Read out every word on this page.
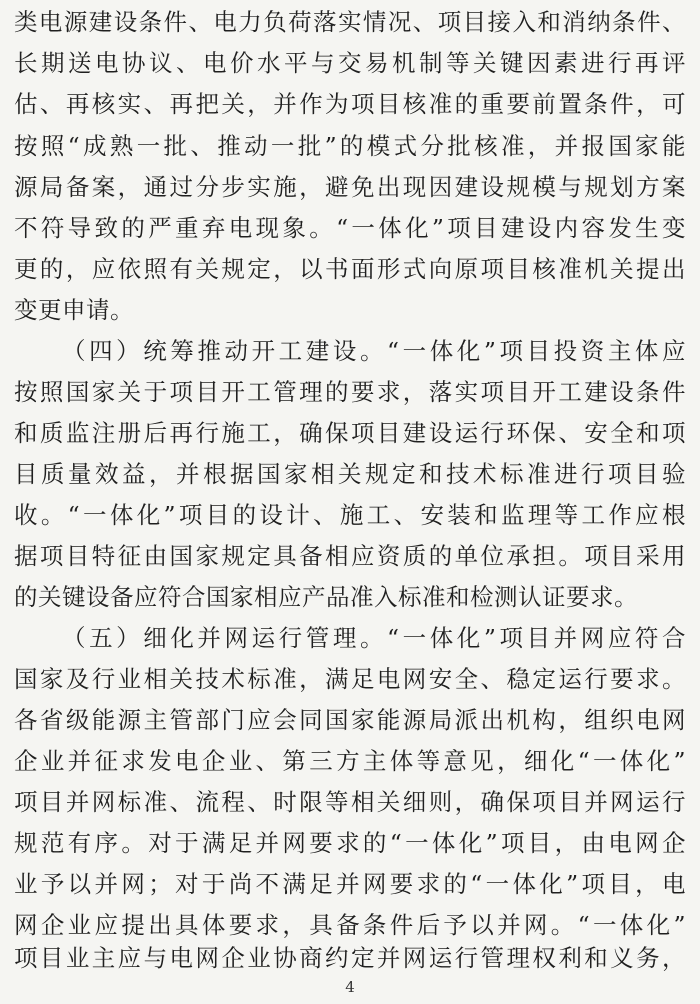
类电源建设条件、电力负荷落实情况、项目接入和消纳条件、
长期送电协议、电价水平与交易机制等关键因素进行再评
估、再核实、再把关，并作为项目核准的重要前置条件，可
按照“成熟一批、推动一批”的模式分批核准，并报国家能
源局备案，通过分步实施，避免出现因建设规模与规划方案
不符导致的严重弃电现象。“一体化”项目建设内容发生变
更的，应依照有关规定，以书面形式向原项目核准机关提出
变更申请。
（四）统筹推动开工建设。“一体化”项目投资主体应
按照国家关于项目开工管理的要求，落实项目开工建设条件
和质监注册后再行施工，确保项目建设运行环保、安全和项
目质量效益，并根据国家相关规定和技术标准进行项目验
收。“一体化”项目的设计、施工、安装和监理等工作应根
据项目特征由国家规定具备相应资质的单位承担。项目采用
的关键设备应符合国家相应产品准入标准和检测认证要求。
（五）细化并网运行管理。“一体化”项目并网应符合
国家及行业相关技术标准，满足电网安全、稳定运行要求。
各省级能源主管部门应会同国家能源局派出机构，组织电网
企业并征求发电企业、第三方主体等意见，细化“一体化”
项目并网标准、流程、时限等相关细则，确保项目并网运行
规范有序。对于满足并网要求的“一体化”项目，由电网企
业予以并网；对于尚不满足并网要求的“一体化”项目，电
网企业应提出具体要求，具备条件后予以并网。“一体化”
项目业主应与电网企业协商约定并网运行管理权利和义务，
4
